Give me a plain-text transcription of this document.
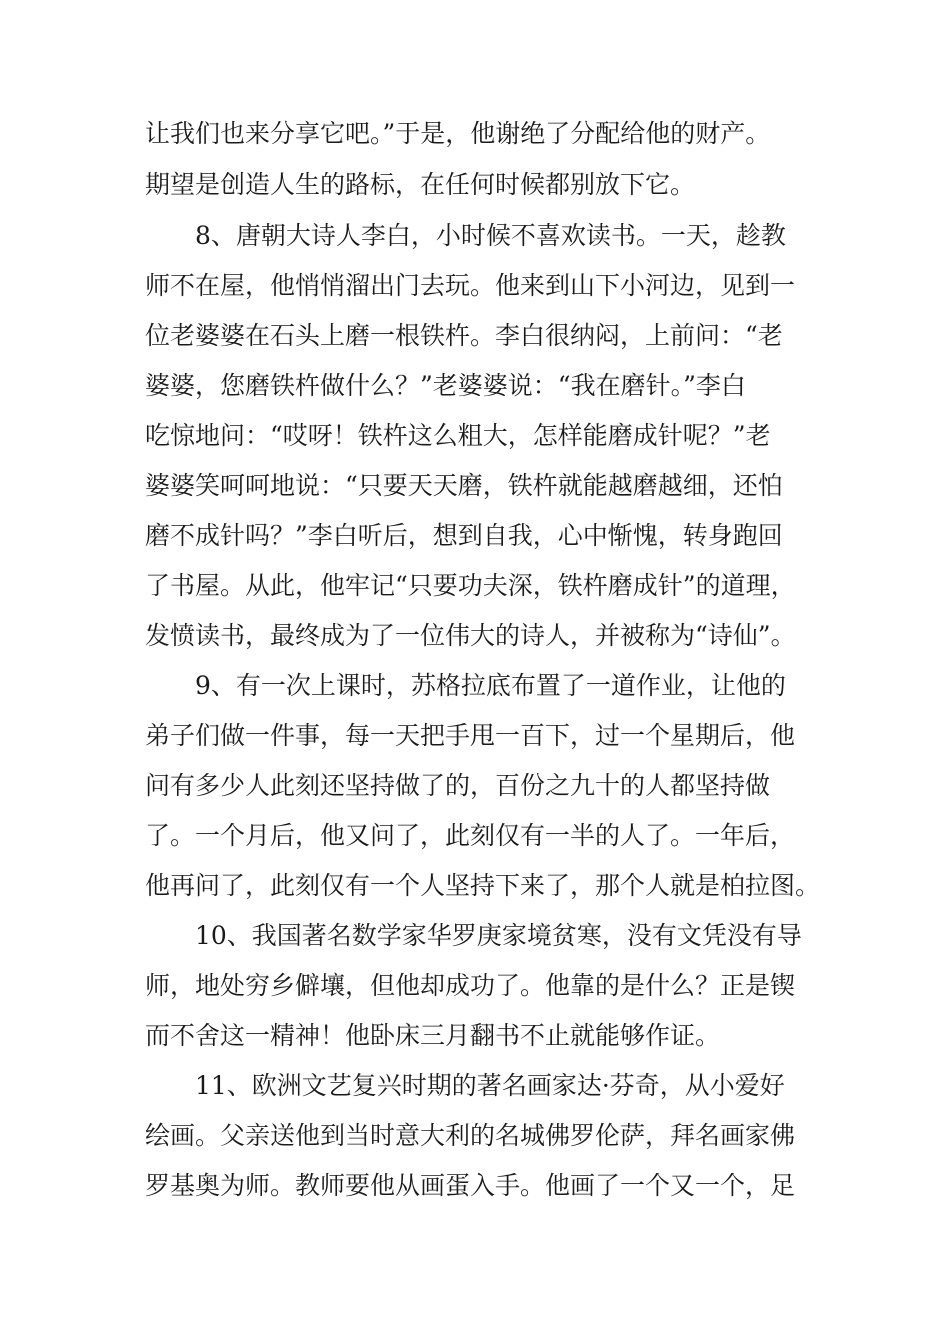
让我们也来分享它吧。”于是，他谢绝了分配给他的财产。
期望是创造人生的路标，在任何时候都别放下它。
8、唐朝大诗人李白，小时候不喜欢读书。一天，趁教
师不在屋，他悄悄溜出门去玩。他来到山下小河边，见到一
位老婆婆在石头上磨一根铁杵。李白很纳闷，上前问：“老
婆婆，您磨铁杵做什么？”老婆婆说：“我在磨针。”李白
吃惊地问：“哎呀！铁杵这么粗大，怎样能磨成针呢？”老
婆婆笑呵呵地说：“只要天天磨，铁杵就能越磨越细，还怕
磨不成针吗？”李白听后，想到自我，心中惭愧，转身跑回
了书屋。从此，他牢记“只要功夫深，铁杵磨成针”的道理，
发愤读书，最终成为了一位伟大的诗人，并被称为“诗仙”。
9、有一次上课时，苏格拉底布置了一道作业，让他的
弟子们做一件事，每一天把手甩一百下，过一个星期后，他
问有多少人此刻还坚持做了的，百份之九十的人都坚持做
了。一个月后，他又问了，此刻仅有一半的人了。一年后，
他再问了，此刻仅有一个人坚持下来了，那个人就是柏拉图。
10、我国著名数学家华罗庚家境贫寒，没有文凭没有导
师，地处穷乡僻壤，但他却成功了。他靠的是什么？正是锲
而不舍这一精神！他卧床三月翻书不止就能够作证。
11、欧洲文艺复兴时期的著名画家达·芬奇，从小爱好
绘画。父亲送他到当时意大利的名城佛罗伦萨，拜名画家佛
罗基奥为师。教师要他从画蛋入手。他画了一个又一个，足
